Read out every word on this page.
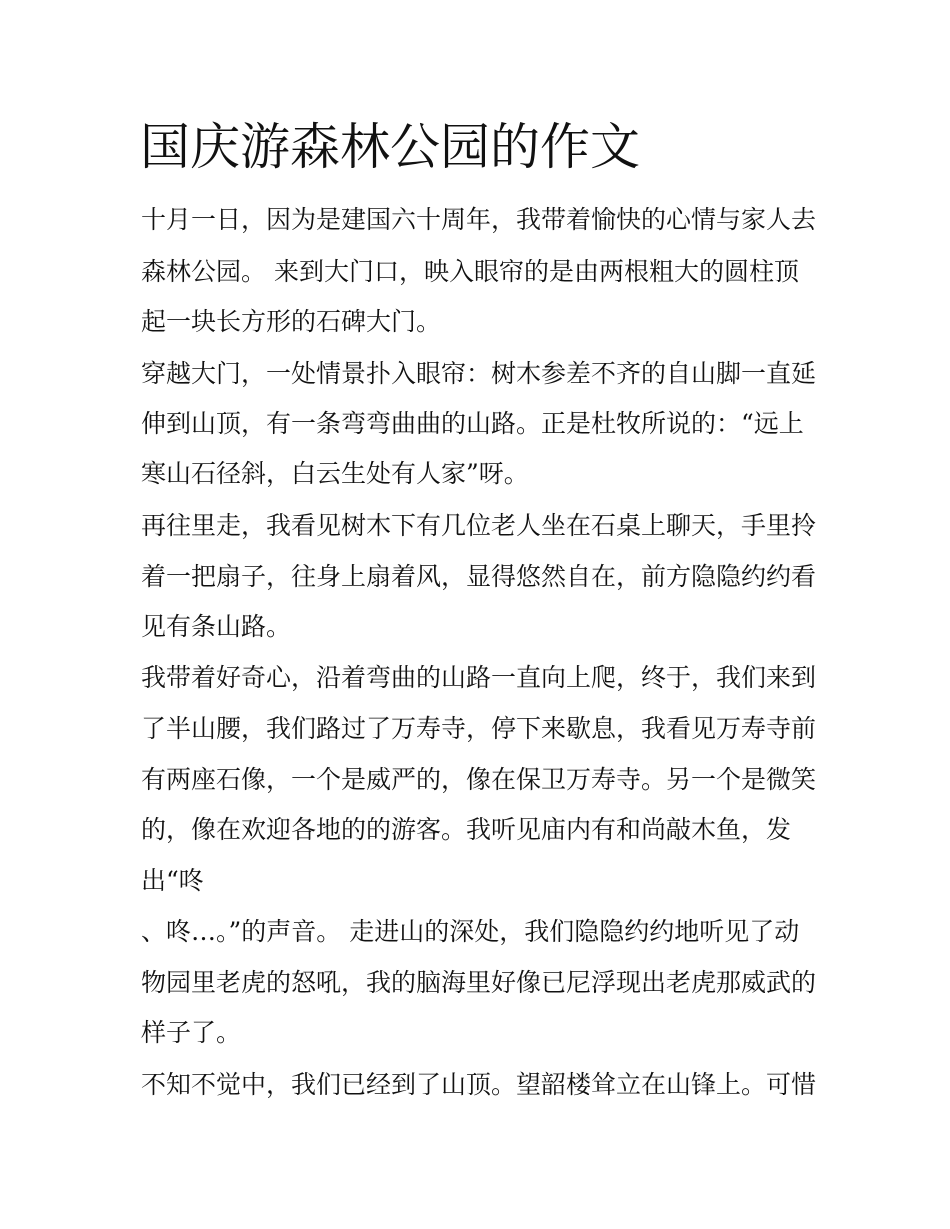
国庆游森林公园的作文

十月一日，因为是建国六十周年，我带着愉快的心情与家人去

森林公园。 来到大门口，映入眼帘的是由两根粗大的圆柱顶

起一块长方形的石碑大门。

穿越大门，一处情景扑入眼帘：树木参差不齐的自山脚一直延

伸到山顶，有一条弯弯曲曲的山路。正是杜牧所说的：“远上

寒山石径斜，白云生处有人家”呀。

再往里走，我看见树木下有几位老人坐在石桌上聊天，手里拎

着一把扇子，往身上扇着风，显得悠然自在，前方隐隐约约看

见有条山路。

我带着好奇心，沿着弯曲的山路一直向上爬，终于，我们来到

了半山腰，我们路过了万寿寺，停下来歇息，我看见万寿寺前

有两座石像，一个是威严的，像在保卫万寿寺。另一个是微笑

的，像在欢迎各地的的游客。我听见庙内有和尚敲木鱼，发

出“咚

、咚…。”的声音。 走进山的深处，我们隐隐约约地听见了动

物园里老虎的怒吼，我的脑海里好像已尼浮现出老虎那威武的

样子了。

不知不觉中，我们已经到了山顶。望韶楼耸立在山锋上。可惜
